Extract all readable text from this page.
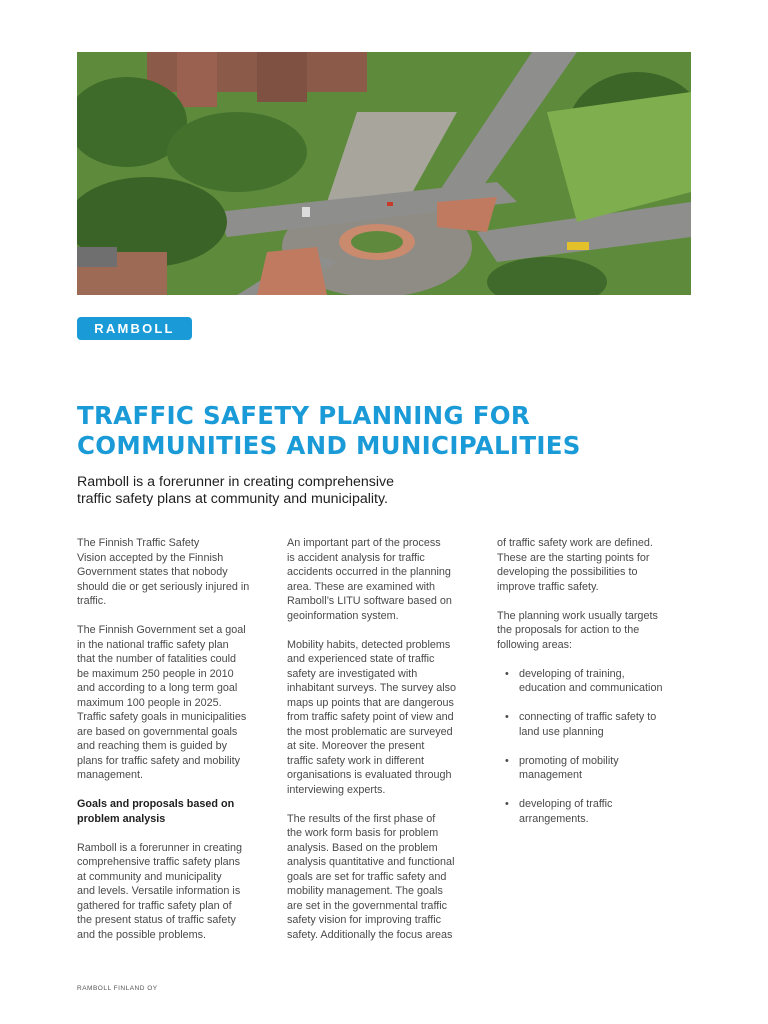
RAMBOLL
TRAFFIC SAFETY PLANNING FOR
COMMUNITIES AND MUNICIPALITIES

Ramboll is a forerunner in creating comprehensive
traffic safety plans at community and municipality.

The Finnish Traffic Safety
Vision accepted by the Finnish
Government states that nobody
should die or get seriously injured in
traffic.

The Finnish Government set a goal
in the national traffic safety plan
that the number of fatalities could
be maximum 250 people in 2010
and according to a long term goal
maximum 100 people in 2025.
Traffic safety goals in municipalities
are based on governmental goals
and reaching them is guided by
plans for traffic safety and mobility
management.

Goals and proposals based on
problem analysis

Ramboll is a forerunner in creating
comprehensive traffic safety plans
at community and municipality
and levels. Versatile information is
gathered for traffic safety plan of
the present status of traffic safety
and the possible problems.

An important part of the process
is accident analysis for traffic
accidents occurred in the planning
area. These are examined with
Ramboll’s LITU software based on
geoinformation system.

Mobility habits, detected problems
and experienced state of traffic
safety are investigated with
inhabitant surveys. The survey also
maps up points that are dangerous
from traffic safety point of view and
the most problematic are surveyed
at site. Moreover the present
traffic safety work in different
organisations is evaluated through
interviewing experts.

The results of the first phase of
the work form basis for problem
analysis. Based on the problem
analysis quantitative and functional
goals are set for traffic safety and
mobility management. The goals
are set in the governmental traffic
safety vision for improving traffic
safety. Additionally the focus areas

of traffic safety work are defined.
These are the starting points for
developing the possibilities to
improve traffic safety.

The planning work usually targets
the proposals for action to the
following areas:

• developing of training,
education and communication
• connecting of traffic safety to
land use planning
• promoting of mobility
management
• developing of traffic
arrangements.
RAMBOLL FINLAND OY
